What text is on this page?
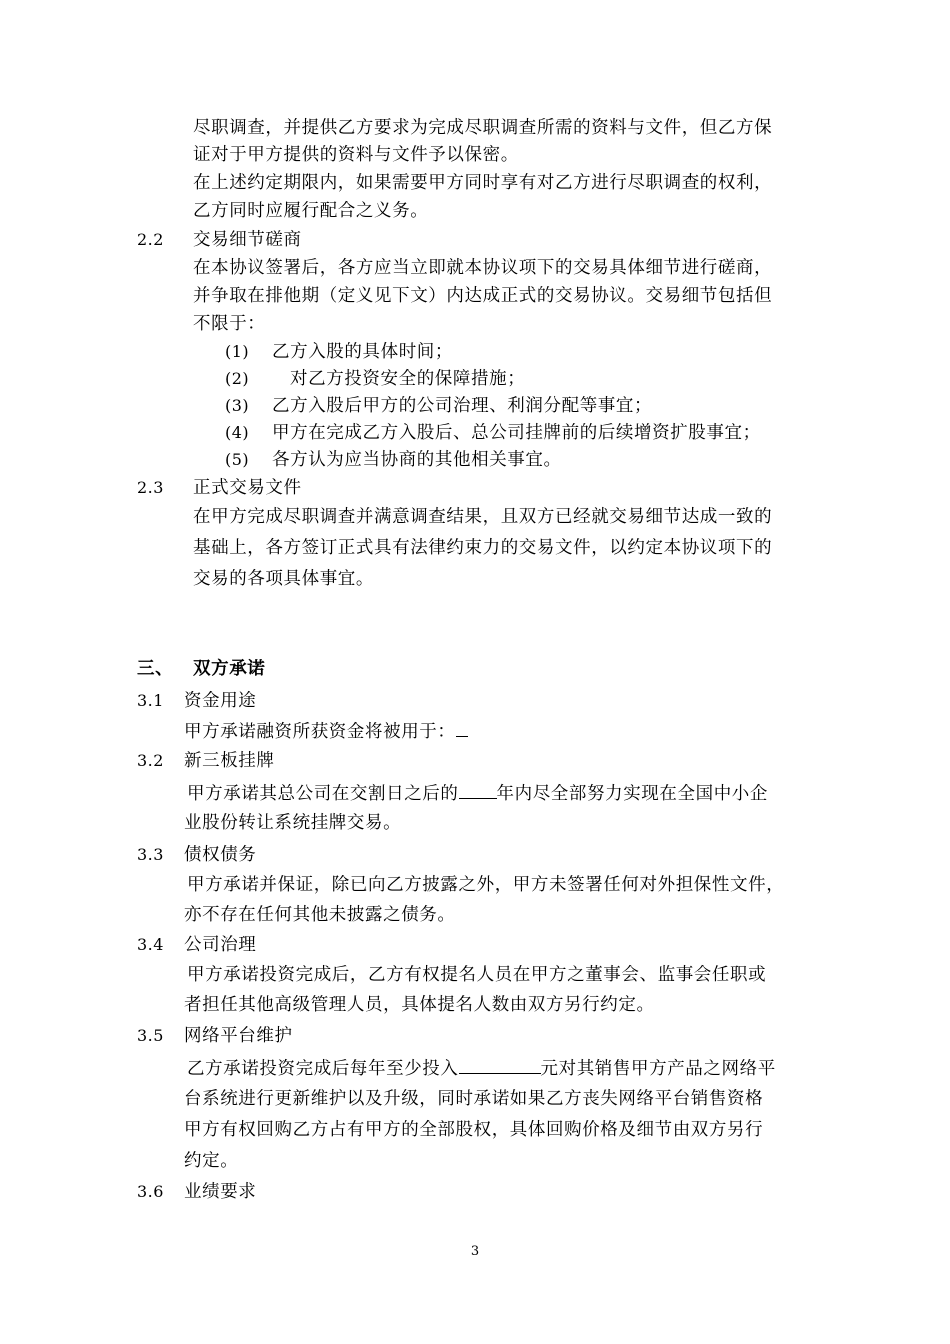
尽职调查，并提供乙方要求为完成尽职调查所需的资料与文件，但乙方保
证对于甲方提供的资料与文件予以保密。
在上述约定期限内，如果需要甲方同时享有对乙方进行尽职调查的权利，
乙方同时应履行配合之义务。
2.2 交易细节磋商
在本协议签署后，各方应当立即就本协议项下的交易具体细节进行磋商，
并争取在排他期（定义见下文）内达成正式的交易协议。交易细节包括但
不限于：
(1) 乙方入股的具体时间；
(2) 对乙方投资安全的保障措施；
(3) 乙方入股后甲方的公司治理、利润分配等事宜；
(4) 甲方在完成乙方入股后、总公司挂牌前的后续增资扩股事宜；
(5) 各方认为应当协商的其他相关事宜。
2.3 正式交易文件
在甲方完成尽职调查并满意调查结果，且双方已经就交易细节达成一致的
基础上，各方签订正式具有法律约束力的交易文件，以约定本协议项下的
交易的各项具体事宜。
三、 双方承诺
3.1 资金用途
甲方承诺融资所获资金将被用于：
3.2 新三板挂牌
甲方承诺其总公司在交割日之后的 年内尽全部努力实现在全国中小企
业股份转让系统挂牌交易。
3.3 债权债务
甲方承诺并保证，除已向乙方披露之外，甲方未签署任何对外担保性文件，
亦不存在任何其他未披露之债务。
3.4 公司治理
甲方承诺投资完成后，乙方有权提名人员在甲方之董事会、监事会任职或
者担任其他高级管理人员，具体提名人数由双方另行约定。
3.5 网络平台维护
乙方承诺投资完成后每年至少投入	元对其销售甲方产品之网络平
台系统进行更新维护以及升级，同时承诺如果乙方丧失网络平台销售资格
甲方有权回购乙方占有甲方的全部股权，具体回购价格及细节由双方另行
约定。
3.6 业绩要求
3
